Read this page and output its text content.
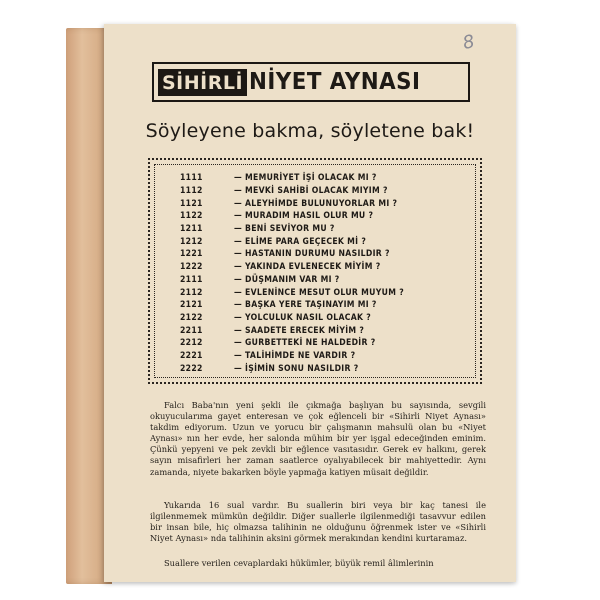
8
SİHİRLİ NİYET AYNASI
Söyleyene bakma, söyletene bak!
1111	— MEMURİYET İŞİ OLACAK MI ?
1112	— MEVKİ SAHİBİ OLACAK MIYIM ?
1121	— ALEYHİMDE BULUNUYORLAR MI ?
1122	— MURADIM HASIL OLUR MU ?
1211	— BENİ SEVİYOR MU ?
1212	— ELİME PARA GEÇECEK Mİ ?
1221	— HASTANIN DURUMU NASILDIR ?
1222	— YAKINDA EVLENECEK MİYİM ?
2111	— DÜŞMANIM VAR MI ?
2112	— EVLENİNCE MESUT OLUR MUYUM ?
2121	— BAŞKA YERE TAŞINAYIM MI ?
2122	— YOLCULUK NASIL OLACAK ?
2211	— SAADETE ERECEK MİYİM ?
2212	— GURBETTEKİ NE HALDEDİR ?
2221	— TALİHİMDE NE VARDIR ?
2222	— İŞİMİN SONU NASILDIR ?

Falcı Baba'nın yeni şekli ile çıkmağa başlıyan bu sayısında, sevgili okuyucularıma gayet enteresan ve çok eğlenceli bir «Sihirli Niyet Aynası» takdim ediyorum. Uzun ve yorucu bir çalışmanın mahsulü olan bu «Niyet Aynası» nın her evde, her salonda mühim bir yer işgal edeceğinden eminim. Çünkü yepyeni ve pek zevkli bir eğlence vasıtasıdır. Gerek ev halkını, gerek sayın misafirleri her zaman saatlerce oyalıyabilecek bir mahiyettedir. Aynı zamanda, niyete bakarken böyle yapmağa katiyen müsait değildir.

Yukarıda 16 sual vardır. Bu suallerin biri veya bir kaç tanesi ile ilgilenmemek mümkün değildir. Diğer suallerle ilgilenmediği tasavvur edilen bir insan bile, hiç olmazsa talihinin ne olduğunu öğrenmek ister ve «Sihirli Niyet Aynası» nda talihinin aksini görmek merakından kendini kurtaramaz.

Suallere verilen cevaplardaki hükümler, büyük remil âlimlerinin
